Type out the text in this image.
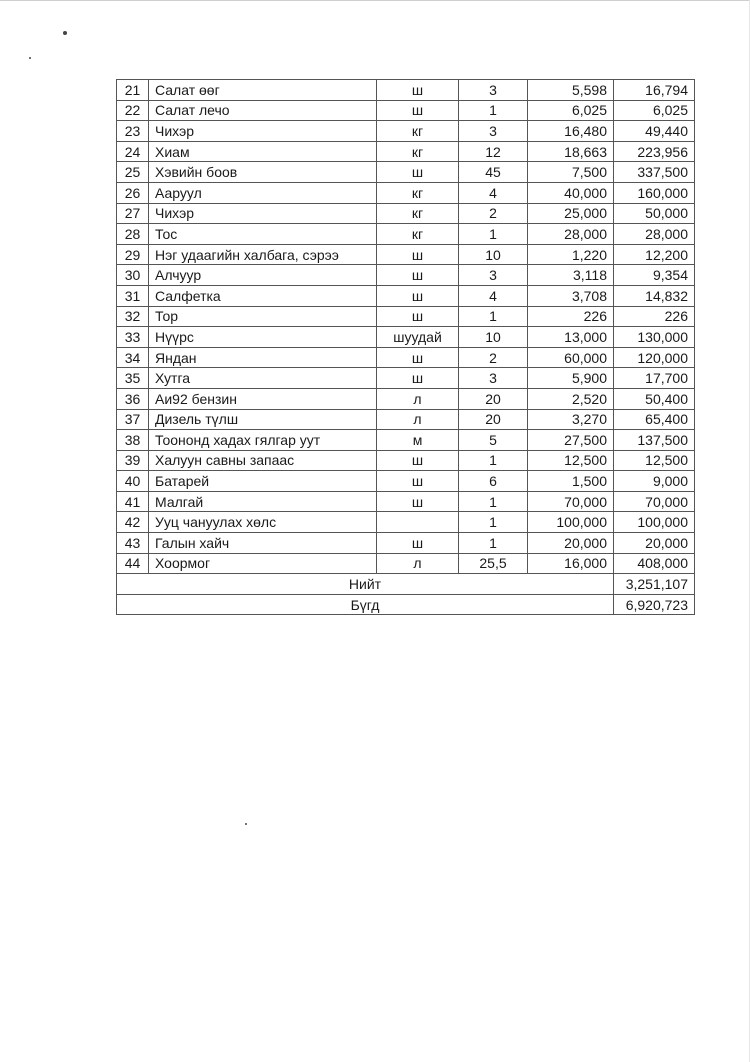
21	Салат өөг	ш	3	5,598	16,794
22	Салат лечо	ш	1	6,025	6,025
23	Чихэр	кг	3	16,480	49,440
24	Хиам	кг	12	18,663	223,956
25	Хэвийн боов	ш	45	7,500	337,500
26	Ааруул	кг	4	40,000	160,000
27	Чихэр	кг	2	25,000	50,000
28	Тос	кг	1	28,000	28,000
29	Нэг удаагийн халбага, сэрээ	ш	10	1,220	12,200
30	Алчуур	ш	3	3,118	9,354
31	Салфетка	ш	4	3,708	14,832
32	Тор	ш	1	226	226
33	Нүүрс	шуудай	10	13,000	130,000
34	Яндан	ш	2	60,000	120,000
35	Хутга	ш	3	5,900	17,700
36	Аи92 бензин	л	20	2,520	50,400
37	Дизель түлш	л	20	3,270	65,400
38	Тоононд хадах гялгар уут	м	5	27,500	137,500
39	Халуун савны запаас	ш	1	12,500	12,500
40	Батарей	ш	6	1,500	9,000
41	Малгай	ш	1	70,000	70,000
42	Ууц чануулах хөлс		1	100,000	100,000
43	Галын хайч	ш	1	20,000	20,000
44	Хоормог	л	25,5	16,000	408,000
Нийт					3,251,107
Бүгд					6,920,723
